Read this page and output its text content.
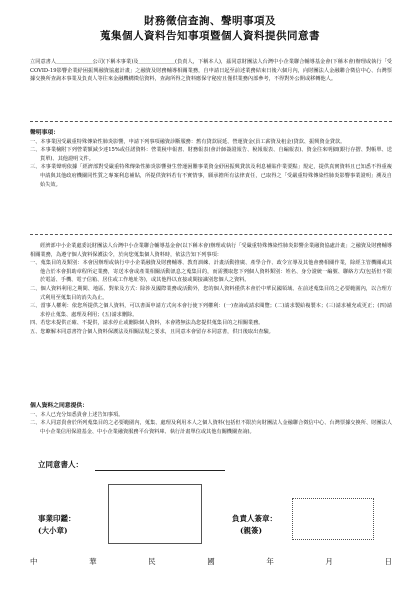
財務徵信查詢、聲明事項及
蒐集個人資料告知事項暨個人資料提供同意書

立同意書人＿＿＿＿＿＿＿公司(下稱本事業)及＿＿＿＿＿＿＿(負責人，下稱本人)，茲同意財團法人台灣中小企業聯合輔導基金會(下稱本會)辦理或執行「受COVID-19影響企業紓困振興融資協處計畫」之融資及財務輔導相關業務，自申請日起至前述業務結束日後六個月內，向財團法人金融聯合徵信中心、台灣票據交換所查詢本事業及負責人等往來金融機構徵信資料，查詢所得之資料應保守秘密且僅供業務內部參考，不得對外公開或移轉他人。

聲明事項：

一、本事業因受嚴重特殊傳染性肺炎影響，申請下列事項融資診斷服務：舊有貸款展延、營運資金(員工薪資及租金)貸款、振興資金貸款。

二、本事業檢附下列營業額減少達15%或任諾資料：營業稅申報書、財務報表(會計師簽證報告、稅報報表、自編報表)、資金往來明細(銀行存摺、對帳單、送貨單)、其他證明文件。

三、本事業聲明依據「經濟部對受嚴重特殊傳染性肺炎影響發生營運困難事業資金紓困振興貸款及利息補貼作業要點」規定，提供真實資料且已知悉不得重複申請與其他政府機關同性質之專案利息補貼，所提供資料若有不實情事，願承擔所有法律責任，已取得之「受嚴重特殊傳染性肺炎影響事業證明」溯及自始失效。

經濟部中小企業處委託財團法人台灣中小企業聯合輔導基金會(以下稱本會)辦理或執行「受嚴重特殊傳染性肺炎影響企業融資協處計畫」之融資及財務輔導相關業務，為遵守個人資料保護法令，於向您蒐集個人資料時，依法告知下列事項：

一、蒐集目的及類別：本會因辦理或執行中小企業融資及財務輔導、教育訓練、計畫活動推廣、產學合作、政令宣導及其他會務相關作業，除經主管機關或其他合於本會捐助章程所定業務，寄送本會或產業相關活動訊息之蒐集目的，而需獲取您下列個人資料類別：姓名、身分證統一編號、聯絡方式(包括但不限於電話、手機、電子信箱、居住或工作地址等)，或其他得以直接或間接識別您個人之資料。

二、個人資料利用之期間、地區、對象及方式：除涉及國際業務或活動外，您的個人資料僅供本會於中華民國領域、在前述蒐集目的之必要範圍內，以合理方式利用至蒐集目的消失為止。

三、當事人權利：依您所提供之個人資料，可以書面申請方式向本會行使下列權利：(一)查詢或請求閱覽；(二)請求製給複製本；(三)請求補充或更正；(四)請求停止蒐集、處理及利用；(五)請求刪除。

四、若您未提供正確、不提供，請求停止或刪除個人資料，本會將無法為您提供蒐集目的之相關業務。

五、您瞭解本同意書符合個人資料保護法及相關法規之要求，且同意本會留存本同意書，供日後取出查驗。

個人資料之同意提供：

一、本人已充分知悉貴會上述告知事項。

二、本人同意貴會於所列蒐集目的之必要範圍內，蒐集、處理及利用本人之個人資料(包括但不限於向財團法人金融聯合徵信中心、台灣票據交換所、財團法人中小企業信用保證基金、中小企業融資服務平台資料庫、執行計畫單位或其他有關機關查詢)。

立同意書人：
事業印鑑：
(大小章)
負責人簽章：
(親簽)
中	華	民	國	年	月	日
